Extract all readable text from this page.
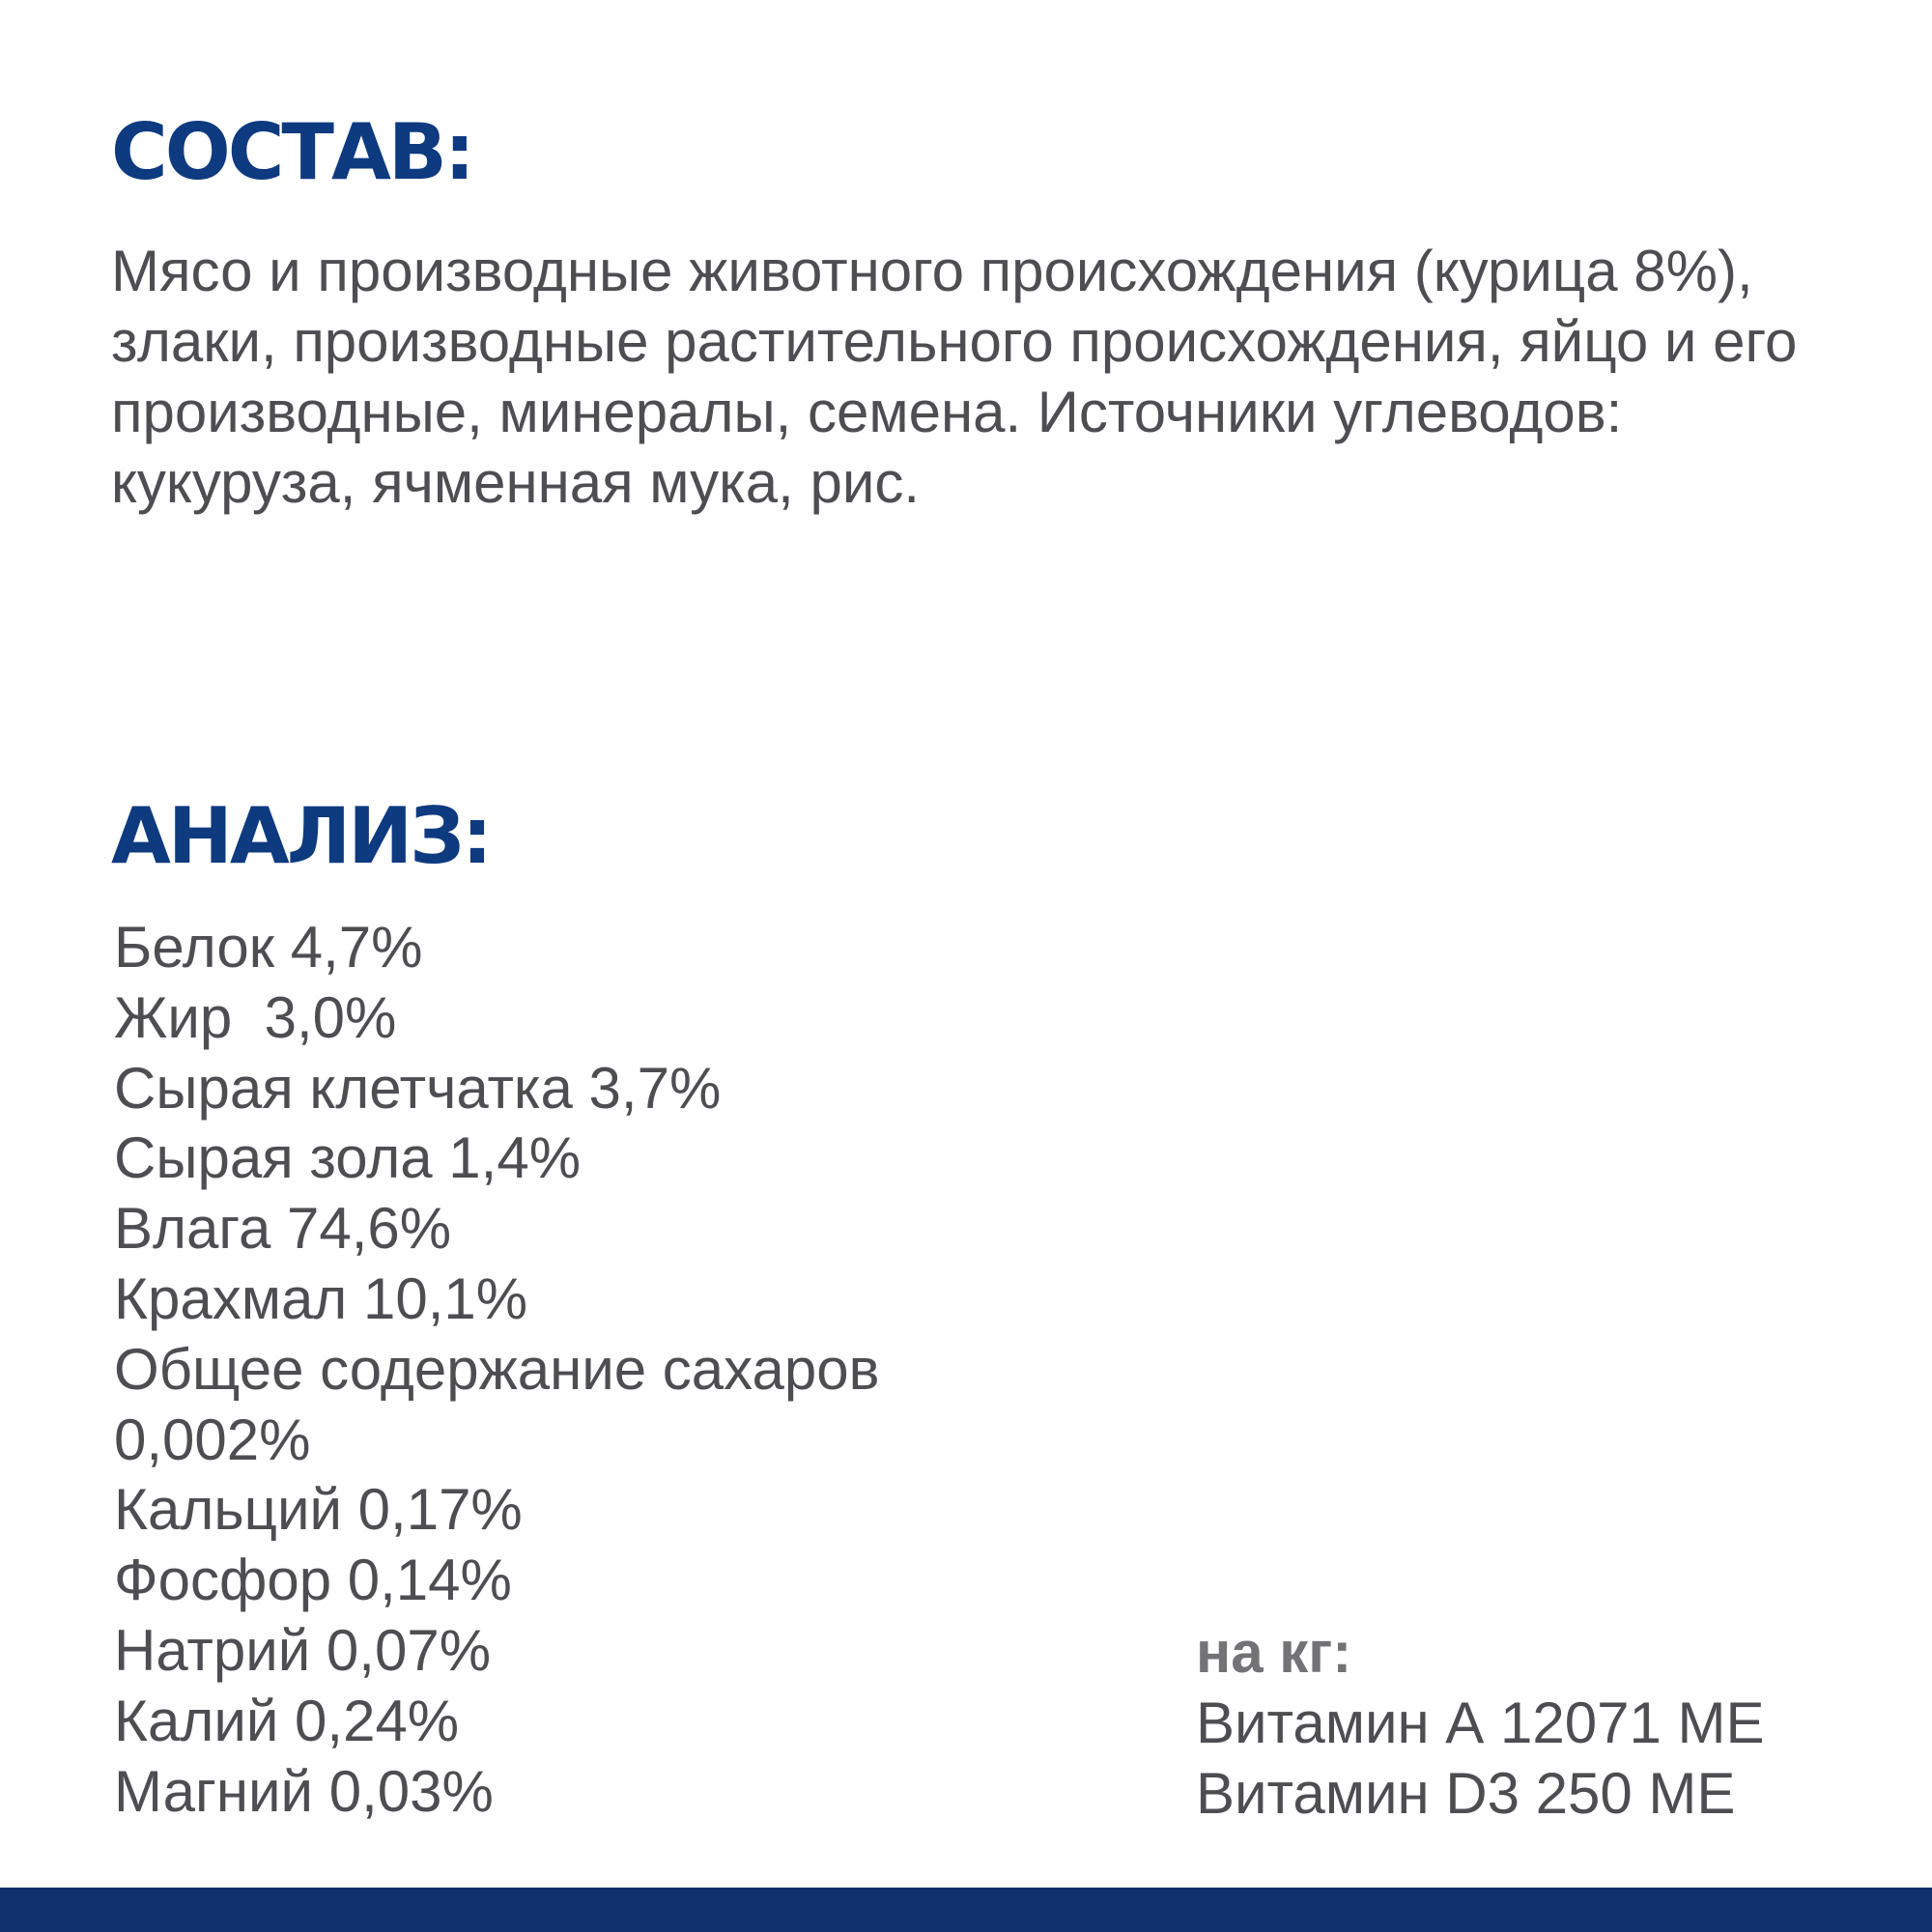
СОСТАВ:

Мясо и производные животного происхождения (курица 8%), злаки, производные растительного происхождения, яйцо и его производные, минералы, семена. Источники углеводов: кукуруза, ячменная мука, рис.

АНАЛИЗ:
Белок 4,7%
Жир  3,0%
Сырая клетчатка 3,7%
Сырая зола 1,4%
Влага 74,6%
Крахмал 10,1%
Общее содержание сахаров
0,002%
Кальций 0,17%
Фосфор 0,14%
Натрий 0,07%
Калий 0,24%
Магний 0,03%
на кг:
Витамин А 12071 МЕ
Витамин D3 250 МЕ
